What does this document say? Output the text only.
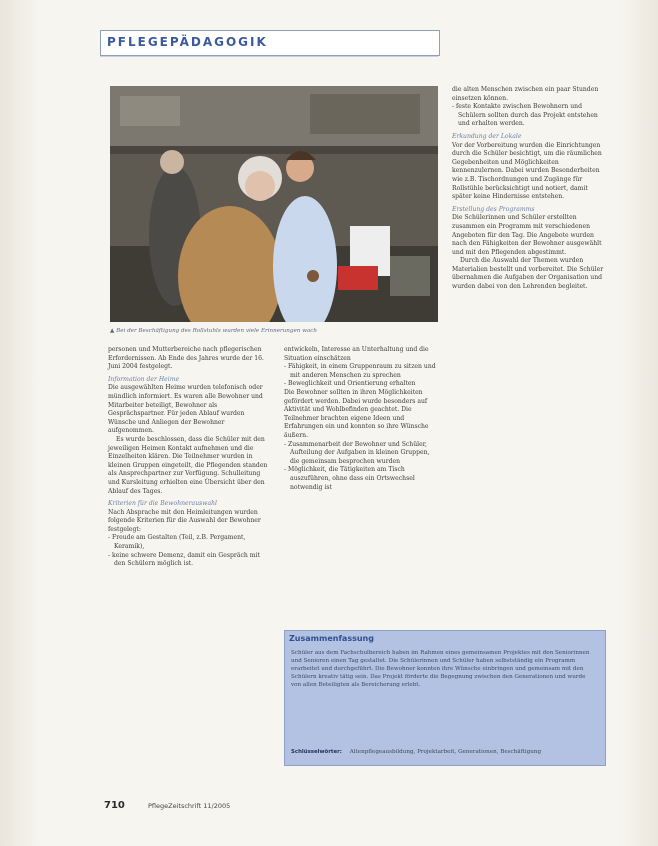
PFLEGEPÄDAGOGIK
▲ Bei der Beschäftigung des Rollstuhls wurden viele Erinnerungen wach

personen und Mutterbereiche nach pflegerischen Erfordernissen. Ab Ende des Jahres wurde der 16. Juni 2004 festgelegt.

Information der Heime

Die ausgewählten Heime wurden telefonisch oder mündlich informiert. Es waren alle Bewohner und Mitarbeiter beteiligt, Bewohner als Gesprächspartner. Für jeden Ablauf wurden Wünsche und Anliegen der Bewohner aufgenommen.

Es wurde beschlossen, dass die Schüler mit den jeweiligen Heimen Kontakt aufnehmen und die Einzelheiten klären. Die Teilnehmer wurden in kleinen Gruppen eingeteilt, die Pflegenden standen als Ansprechpartner zur Verfügung. Schulleitung und Kursleitung erhielten eine Übersicht über den Ablauf des Tages.

Kriterien für die Bewohnerauswahl

Nach Absprache mit den Heimleitungen wurden folgende Kriterien für die Auswahl der Bewohner festgelegt:

- Freude am Gestalten (Teil, z.B. Pergament, Keramik),

- keine schwere Demenz, damit ein Gespräch mit den Schülern möglich ist.

entwickeln, Interesse an Unterhaltung und die Situation einschätzen

- Fähigkeit, in einem Gruppenraum zu sitzen und mit anderen Menschen zu sprechen

- Beweglichkeit und Orientierung erhalten

Die Bewohner sollten in ihren Möglichkeiten gefördert werden. Dabei wurde besonders auf Aktivität und Wohlbefinden geachtet. Die Teilnehmer brachten eigene Ideen und Erfahrungen ein und konnten so ihre Wünsche äußern.

- Zusammenarbeit der Bewohner und Schüler, Aufteilung der Aufgaben in kleinen Gruppen, die gemeinsam besprochen wurden

- Möglichkeit, die Tätigkeiten am Tisch auszuführen, ohne dass ein Ortswechsel notwendig ist

die alten Menschen zwischen ein paar Stunden einsetzen können.

- feste Kontakte zwischen Bewohnern und Schülern sollten durch das Projekt entstehen und erhalten werden.

Erkundung der Lokale

Vor der Vorbereitung wurden die Einrichtungen durch die Schüler besichtigt, um die räumlichen Gegebenheiten und Möglichkeiten kennenzulernen. Dabei wurden Besonderheiten wie z.B. Tischordnungen und Zugänge für Rollstühle berücksichtigt und notiert, damit später keine Hindernisse entstehen.

Erstellung des Programms

Die Schülerinnen und Schüler erstellten zusammen ein Programm mit verschiedenen Angeboten für den Tag. Die Angebote wurden nach den Fähigkeiten der Bewohner ausgewählt und mit den Pflegenden abgestimmt.

Durch die Auswahl der Themen wurden Materialien bestellt und vorbereitet. Die Schüler übernahmen die Aufgaben der Organisation und wurden dabei von den Lehrenden begleitet.

Zusammenfassung
Schüler aus dem Fachschulbereich haben im Rahmen eines gemeinsamen Projektes mit den Seniorinnen und Senioren einen Tag gestaltet. Die Schülerinnen und Schüler haben selbstständig ein Programm erarbeitet und durchgeführt. Die Bewohner konnten ihre Wünsche einbringen und gemeinsam mit den Schülern kreativ tätig sein. Das Projekt förderte die Begegnung zwischen den Generationen und wurde von allen Beteiligten als Bereicherung erlebt.
Schlüsselwörter: Altenpflegeausbildung, Projektarbeit, Generationen, Beschäftigung
710	PflegeZeitschrift 11/2005
